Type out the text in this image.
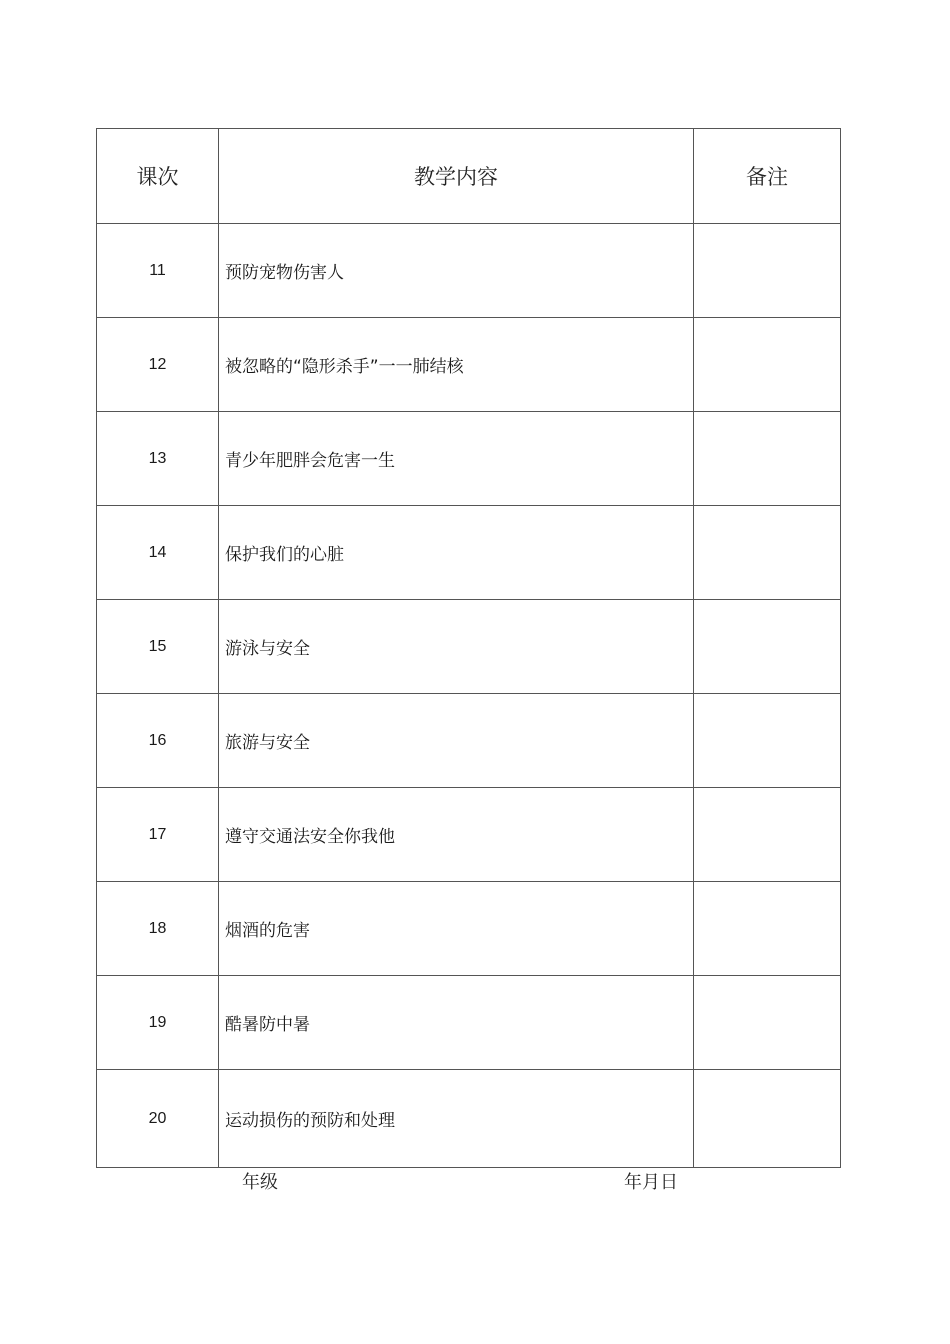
课次	教学内容	备注
11	预防宠物伤害人	
12	被忽略的“隐形杀手”一一肺结核	
13	青少年肥胖会危害一生	
14	保护我们的心脏	
15	游泳与安全	
16	旅游与安全	
17	遵守交通法安全你我他	
18	烟酒的危害	
19	酷暑防中暑	
20	运动损伤的预防和处理	
年级	年月日
